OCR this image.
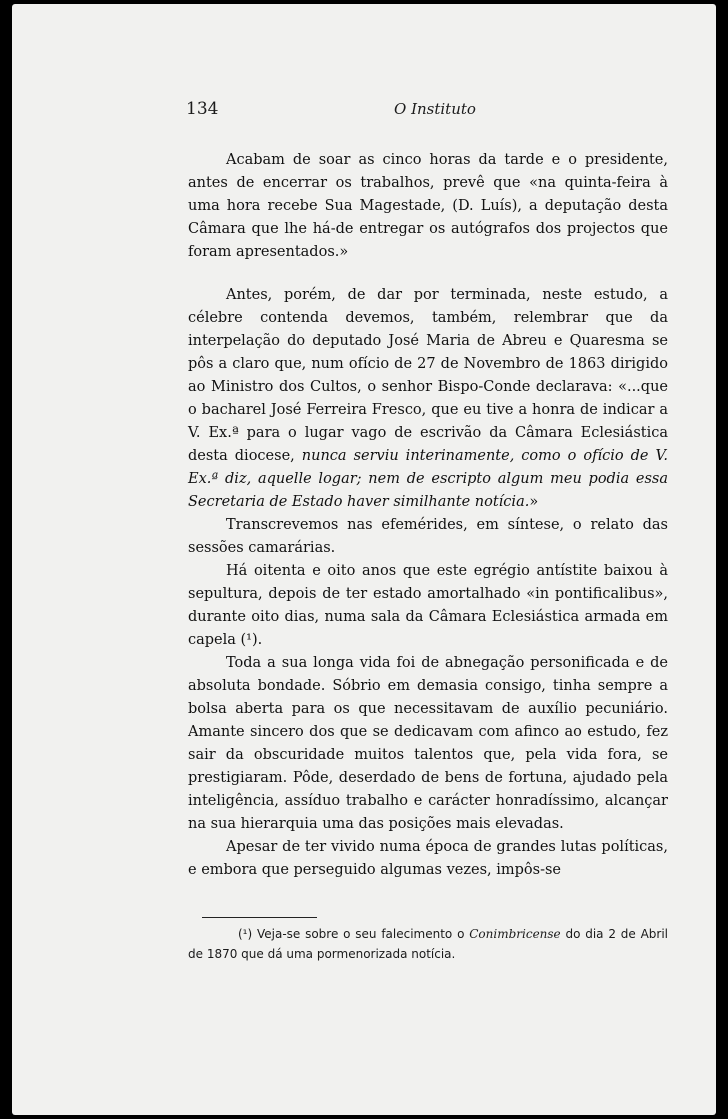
134	O Instituto

Acabam de soar as cinco horas da tarde e o presidente, antes de encerrar os trabalhos, prevê que «na quinta-feira à uma hora recebe Sua Magestade, (D. Luís), a deputação desta Câmara que lhe há-de entregar os autógrafos dos projectos que foram apresentados.»

Antes, porém, de dar por terminada, neste estudo, a célebre contenda devemos, também, relembrar que da interpelação do deputado José Maria de Abreu e Quaresma se pôs a claro que, num ofício de 27 de Novembro de 1863 dirigido ao Ministro dos Cultos, o senhor Bispo-Conde declarava: «...que o bacharel José Ferreira Fresco, que eu tive a honra de indicar a V. Ex.ª para o lugar vago de escrivão da Câmara Eclesiástica desta diocese, nunca serviu interinamente, como o ofício de V. Ex.ª diz, aquelle logar; nem de escripto algum meu podia essa Secretaria de Estado haver similhante notícia.»

Transcrevemos nas efemérides, em síntese, o relato das sessões camarárias.

Há oitenta e oito anos que este egrégio antístite baixou à sepultura, depois de ter estado amortalhado «in pontificalibus», durante oito dias, numa sala da Câmara Eclesiástica armada em capela (¹).

Toda a sua longa vida foi de abnegação personificada e de absoluta bondade. Sóbrio em demasia consigo, tinha sempre a bolsa aberta para os que necessitavam de auxílio pecuniário. Amante sincero dos que se dedicavam com afinco ao estudo, fez sair da obscuridade muitos talentos que, pela vida fora, se prestigiaram. Pôde, deserdado de bens de fortuna, ajudado pela inteligência, assíduo trabalho e carácter honradíssimo, alcançar na sua hierarquia uma das posições mais elevadas.

Apesar de ter vivido numa época de grandes lutas políticas, e embora que perseguido algumas vezes, impôs-se

(¹) Veja-se sobre o seu falecimento o Conimbricense do dia 2 de Abril de 1870 que dá uma pormenorizada notícia.
